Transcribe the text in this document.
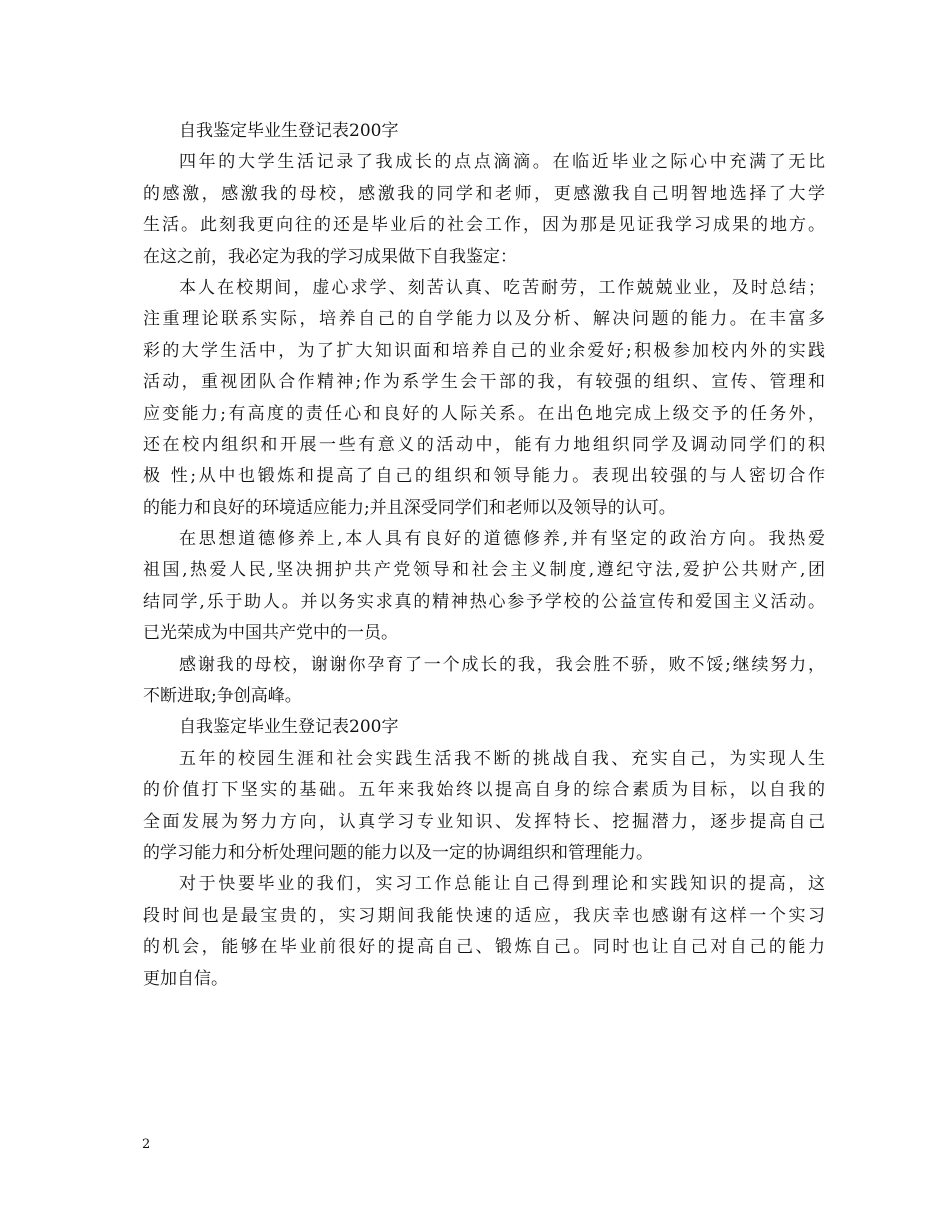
自我鉴定毕业生登记表200字
四年的大学生活记录了我成长的点点滴滴。在临近毕业之际心中充满了无比
的感激，感激我的母校，感激我的同学和老师，更感激我自己明智地选择了大学
生活。此刻我更向往的还是毕业后的社会工作，因为那是见证我学习成果的地方。
在这之前，我必定为我的学习成果做下自我鉴定：
本人在校期间，虚心求学、刻苦认真、吃苦耐劳，工作兢兢业业，及时总结；
注重理论联系实际，培养自己的自学能力以及分析、解决问题的能力。在丰富多
彩的大学生活中，为了扩大知识面和培养自己的业余爱好;积极参加校内外的实践
活动，重视团队合作精神;作为系学生会干部的我，有较强的组织、宣传、管理和
应变能力;有高度的责任心和良好的人际关系。在出色地完成上级交予的任务外，
还在校内组织和开展一些有意义的活动中，能有力地组织同学及调动同学们的积
极 性;从中也锻炼和提高了自己的组织和领导能力。表现出较强的与人密切合作
的能力和良好的环境适应能力;并且深受同学们和老师以及领导的认可。
在思想道德修养上,本人具有良好的道德修养,并有坚定的政治方向。我热爱
祖国,热爱人民,坚决拥护共产党领导和社会主义制度,遵纪守法,爱护公共财产,团
结同学,乐于助人。并以务实求真的精神热心参予学校的公益宣传和爱国主义活动。
已光荣成为中国共产党中的一员。
感谢我的母校，谢谢你孕育了一个成长的我，我会胜不骄，败不馁;继续努力，
不断进取;争创高峰。
自我鉴定毕业生登记表200字
五年的校园生涯和社会实践生活我不断的挑战自我、充实自己，为实现人生
的价值打下坚实的基础。五年来我始终以提高自身的综合素质为目标，以自我的
全面发展为努力方向，认真学习专业知识、发挥特长、挖掘潜力，逐步提高自己
的学习能力和分析处理问题的能力以及一定的协调组织和管理能力。
对于快要毕业的我们，实习工作总能让自己得到理论和实践知识的提高，这
段时间也是最宝贵的，实习期间我能快速的适应，我庆幸也感谢有这样一个实习
的机会，能够在毕业前很好的提高自己、锻炼自己。同时也让自己对自己的能力
更加自信。
2
